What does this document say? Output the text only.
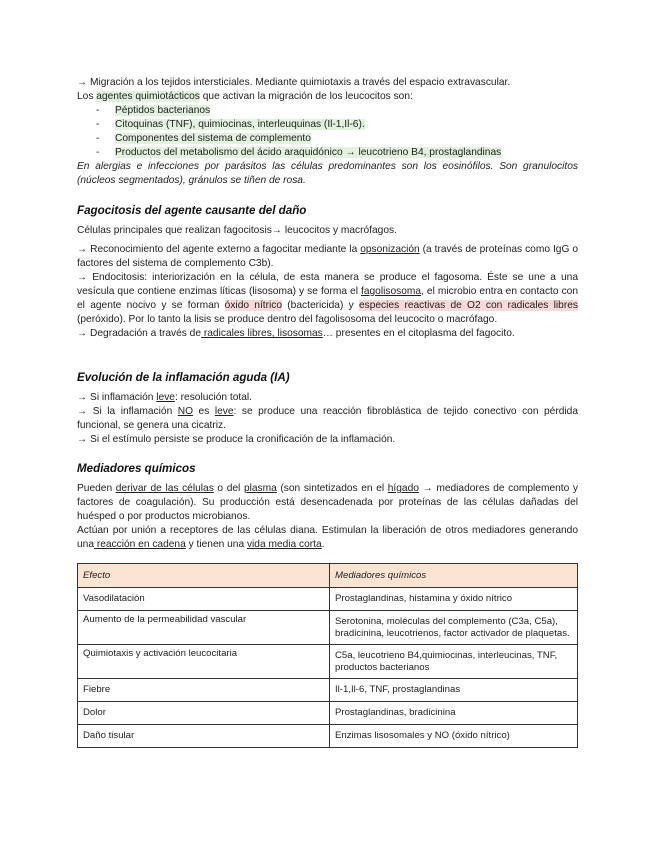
→ Migración a los tejidos intersticiales. Mediante quimiotaxis a través del espacio extravascular.

Los agentes quimiotácticos que activan la migración de los leucocitos son:

- Péptidos bacterianos
- Citoquinas (TNF), quimiocinas, interleuquinas (Il-1,Il-6).
- Componentes del sistema de complemento
- Productos del metabolismo del ácido araquidónico → leucotrieno B4, prostaglandinas

En alergias e infecciones por parásitos las células predominantes son los eosinófilos. Son granulocitos (núcleos segmentados), gránulos se tiñen de rosa.

Fagocitosis del agente causante del daño

Células principales que realizan fagocitosis→ leucocitos y macrófagos.

→ Reconocimiento del agente externo a fagocitar mediante la opsonización (a través de proteínas como IgG o factores del sistema de complemento C3b).

→ Endocitosis: interiorización en la célula, de esta manera se produce el fagosoma. Éste se une a una vesícula que contiene enzimas líticas (lisosoma) y se forma el fagolisosoma, el microbio entra en contacto con el agente nocivo y se forman óxido nítrico (bactericida) y especies reactivas de O2 con radicales libres (peróxido). Por lo tanto la lisis se produce dentro del fagolisosoma del leucocito o macrófago.

→ Degradación a través de radicales libres, lisosomas… presentes en el citoplasma del fagocito.

Evolución de la inflamación aguda (IA)

→ Si inflamación leve: resolución total.

→ Si la inflamación NO es leve: se produce una reacción fibroblástica de tejido conectivo con pérdida funcional, se genera una cicatriz.

→ Si el estímulo persiste se produce la cronificación de la inflamación.

Mediadores químicos

Pueden derivar de las células o del plasma (son sintetizados en el hígado → mediadores de complemento y factores de coagulación). Su producción está desencadenada por proteínas de las células dañadas del huésped o por productos microbianos.

Actúan por unión a receptores de las células diana. Estimulan la liberación de otros mediadores generando una reacción en cadena y tienen una vida media corta.

Efecto	Mediadores químicos
Vasodilatación	Prostaglandinas, histamina y óxido nítrico
Aumento de la permeabilidad vascular	Serotonina, moléculas del complemento (C3a, C5a), bradicinina, leucotrienos, factor activador de plaquetas.
Quimiotaxis y activación leucocitaria	C5a, leucotrieno B4,quimiocinas, interleucinas, TNF, productos bacterianos
Fiebre	Il-1,Il-6, TNF, prostaglandinas
Dolor	Prostaglandinas, bradicinina
Daño tisular	Enzimas lisosomales y NO (óxido nítrico)
